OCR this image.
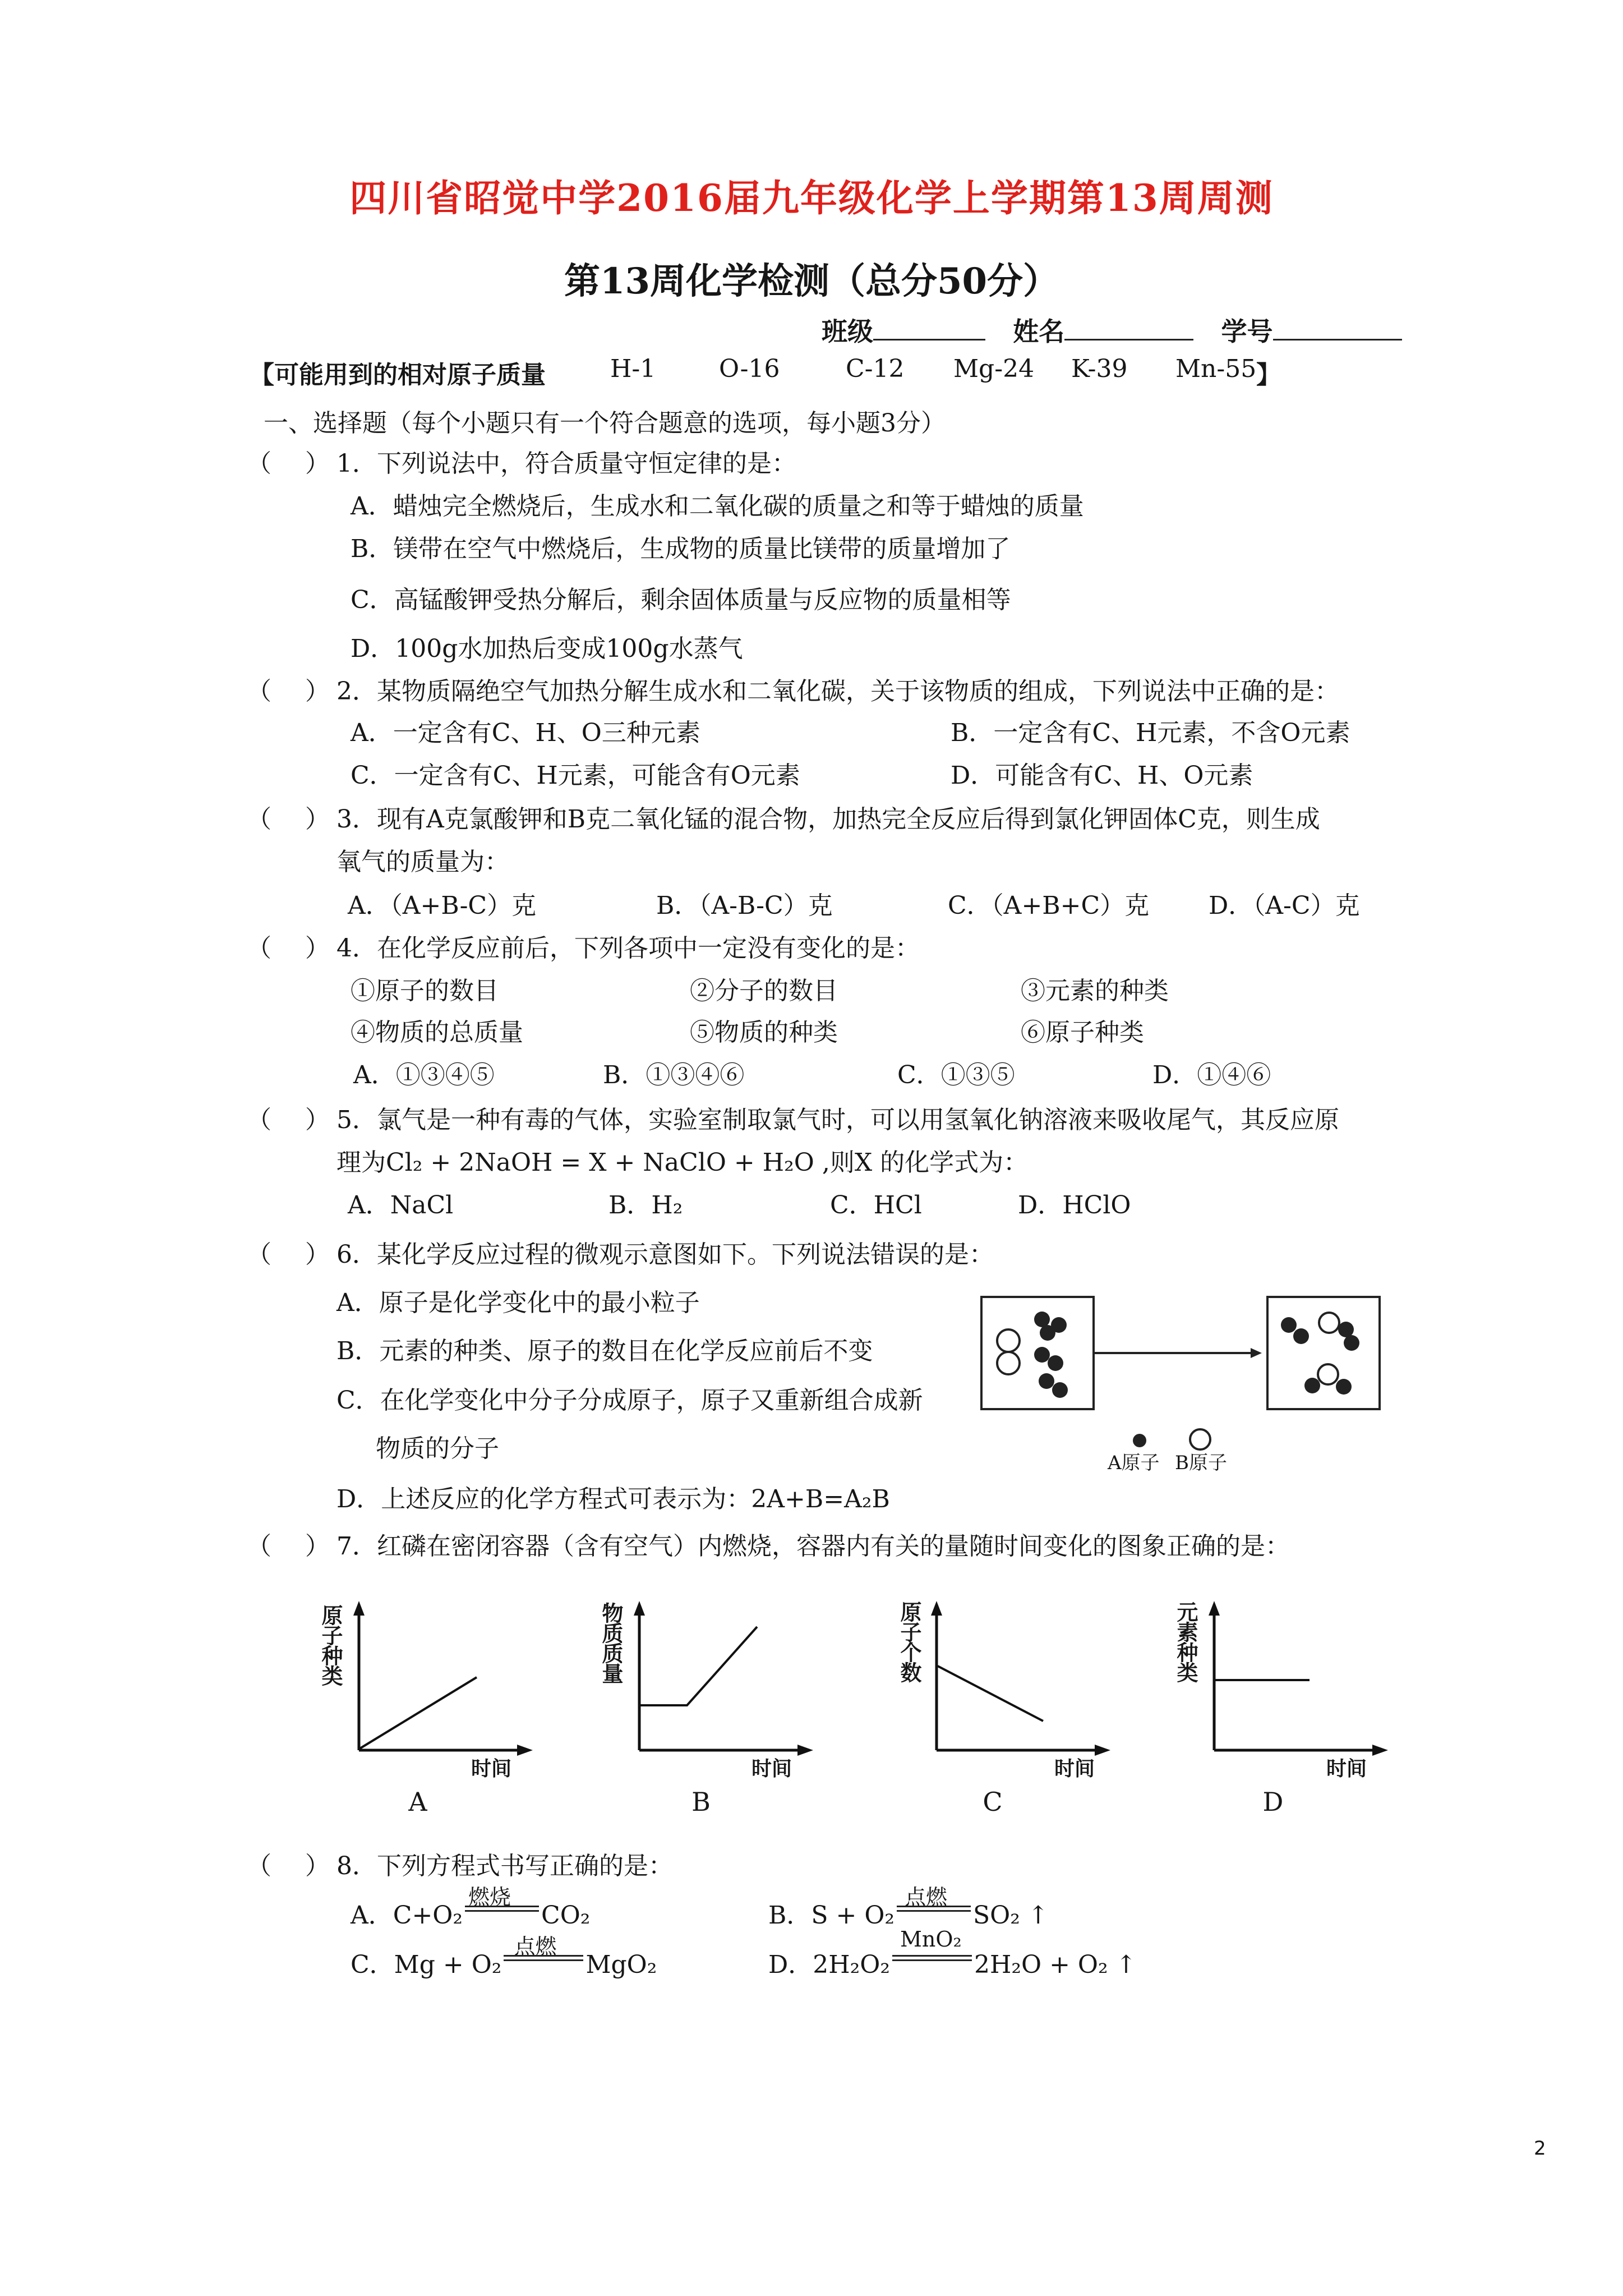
四川省昭觉中学2016届九年级化学上学期第13周周测
第13周化学检测（总分50分）
班级	姓名	学号
【可能用到的相对原子质量	H-1	O-16	C-12 Mg-24 K-39 Mn-55 】
一、选择题（每个小题只有一个符合题意的选项，每小题3分）
（ ） 1．下列说法中，符合质量守恒定律的是：
A．蜡烛完全燃烧后，生成水和二氧化碳的质量之和等于蜡烛的质量
B．镁带在空气中燃烧后，生成物的质量比镁带的质量增加了
C．高锰酸钾受热分解后，剩余固体质量与反应物的质量相等
D．100g水加热后变成100g水蒸气
（ ） 2．某物质隔绝空气加热分解生成水和二氧化碳，关于该物质的组成，下列说法中正确的是：
A．一定含有C、H、O三种元素	B．一定含有C、H元素，不含O元素
C．一定含有C、H元素，可能含有O元素	D．可能含有C、H、O元素
（ ） 3．现有A克氯酸钾和B克二氧化锰的混合物，加热完全反应后得到氯化钾固体C克，则生成
氧气的质量为：
A．（A+B-C）克	B．（A-B-C）克	C．（A+B+C）克 D．（A-C）克
（ ） 4．在化学反应前后，下列各项中一定没有变化的是：
①原子的数目	②分子的数目	③元素的种类
④物质的总质量	⑤物质的种类	⑥原子种类
A．①③④⑤	B．①③④⑥	C．①③⑤	D．①④⑥
（ ） 5．氯气是一种有毒的气体，实验室制取氯气时，可以用氢氧化钠溶液来吸收尾气，其反应原
理为Cl₂ + 2NaOH = X + NaClO + H₂O ,则X 的化学式为：
A．NaCl	B．H₂	C．HCl	D．HClO
（ ） 6．某化学反应过程的微观示意图如下。下列说法错误的是：
A．原子是化学变化中的最小粒子
B．元素的种类、原子的数目在化学反应前后不变
C．在化学变化中分子分成原子，原子又重新组合成新
物质的分子
D．上述反应的化学方程式可表示为：2A+B=A₂B
A原子 B原子
（ ） 7．红磷在密闭容器（含有空气）内燃烧，容器内有关的量随时间变化的图象正确的是：
原子种类
时间
A
物质质量
时间
B
原子个数
时间
C
元素种类
时间
D
（ ） 8．下列方程式书写正确的是：
A．C+O₂
燃烧
CO₂	B．S + O₂
点燃
SO₂ ↑
C．Mg + O₂
点燃
MgO₂	D．2H₂O₂
MnO₂
2H₂O + O₂ ↑
2
